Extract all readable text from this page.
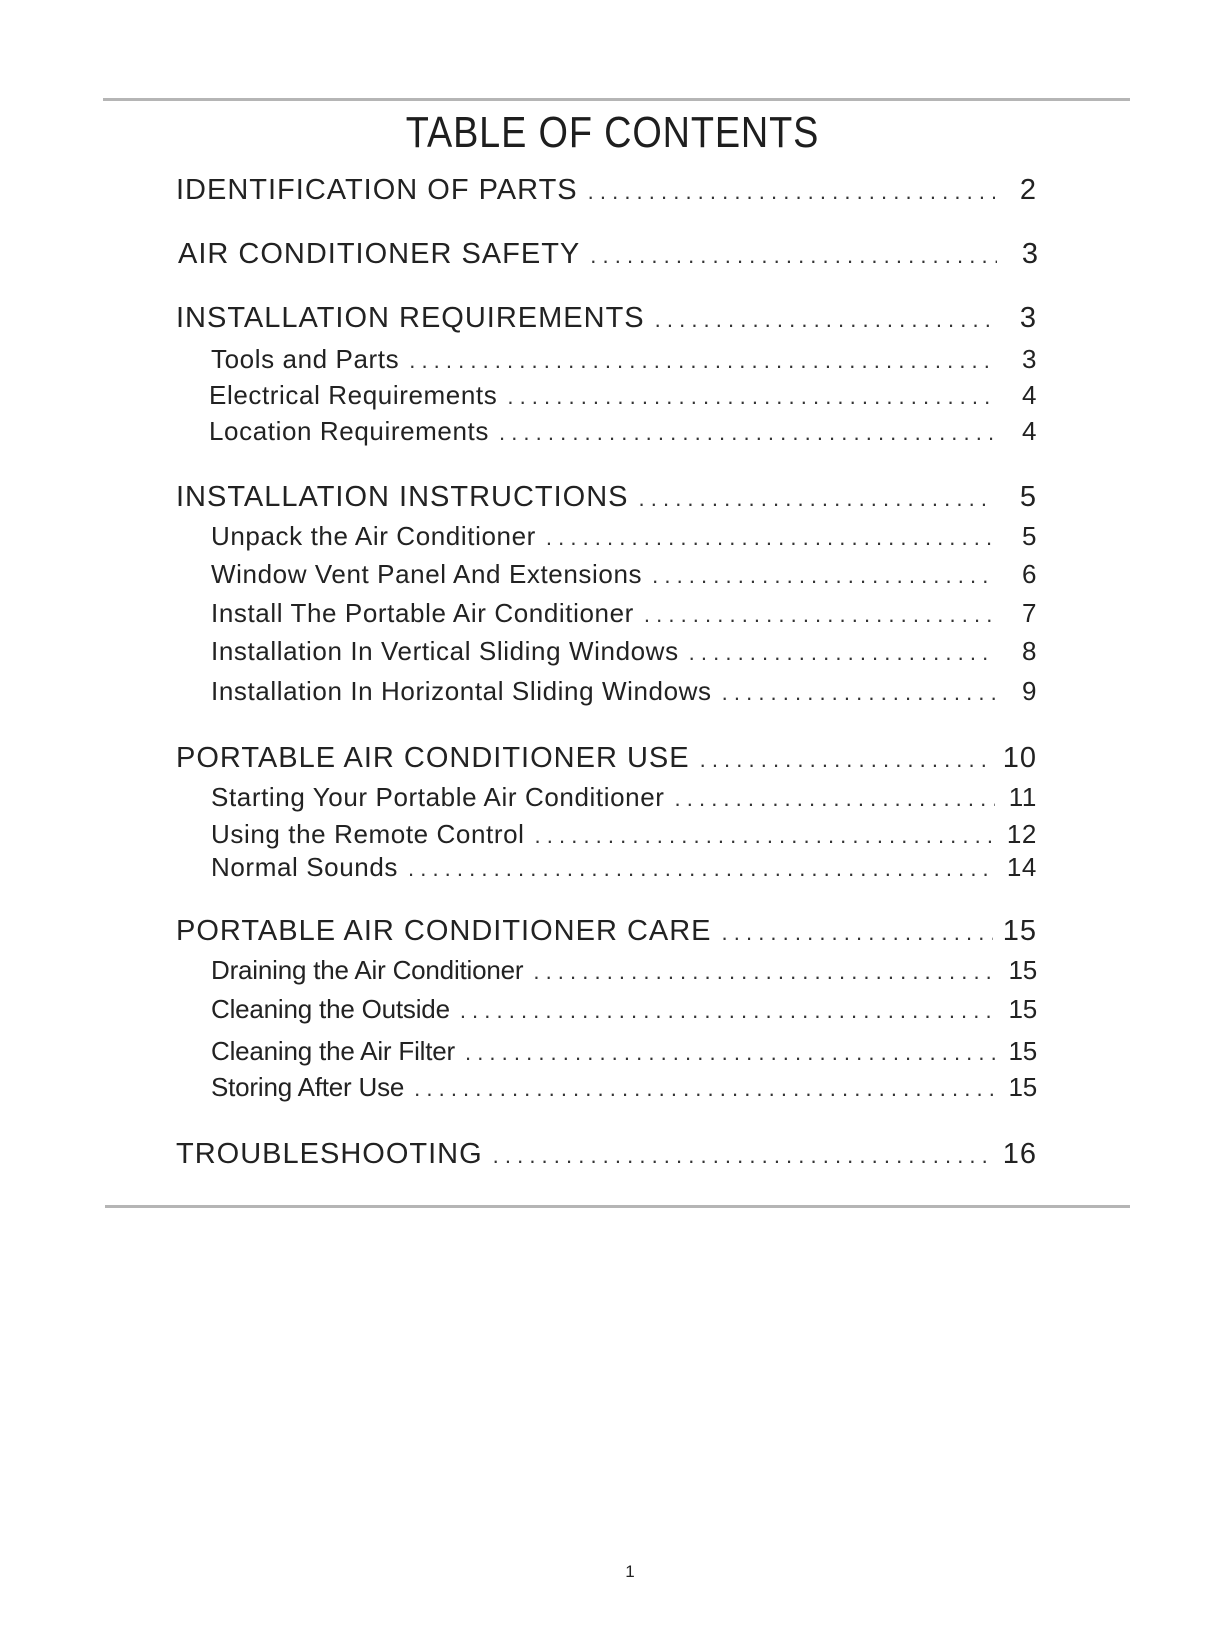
TABLE OF CONTENTS
IDENTIFICATION OF PARTS . . .	2
AIR CONDITIONER SAFETY . . .	3
INSTALLATION REQUIREMENTS . . .	3
Tools and Parts . . .	3
Electrical Requirements . . .	4
Location Requirements . . .	4
INSTALLATION INSTRUCTIONS . . .	5
Unpack the Air Conditioner . . .	5
Window Vent Panel And Extensions . . .	6
Install The Portable Air Conditioner . . .	7
Installation In Vertical Sliding Windows . . .	8
Installation In Horizontal Sliding Windows . . .	9
PORTABLE AIR CONDITIONER USE . . .	10
Starting Your Portable Air Conditioner . . .	11
Using the Remote Control . . .	12
Normal Sounds . . .	14
PORTABLE AIR CONDITIONER CARE . . .	15
Draining the Air Conditioner . . .	15
Cleaning the Outside . . .	15
Cleaning the Air Filter . . .	15
Storing After Use . . .	15
TROUBLESHOOTING . . .	16
1
